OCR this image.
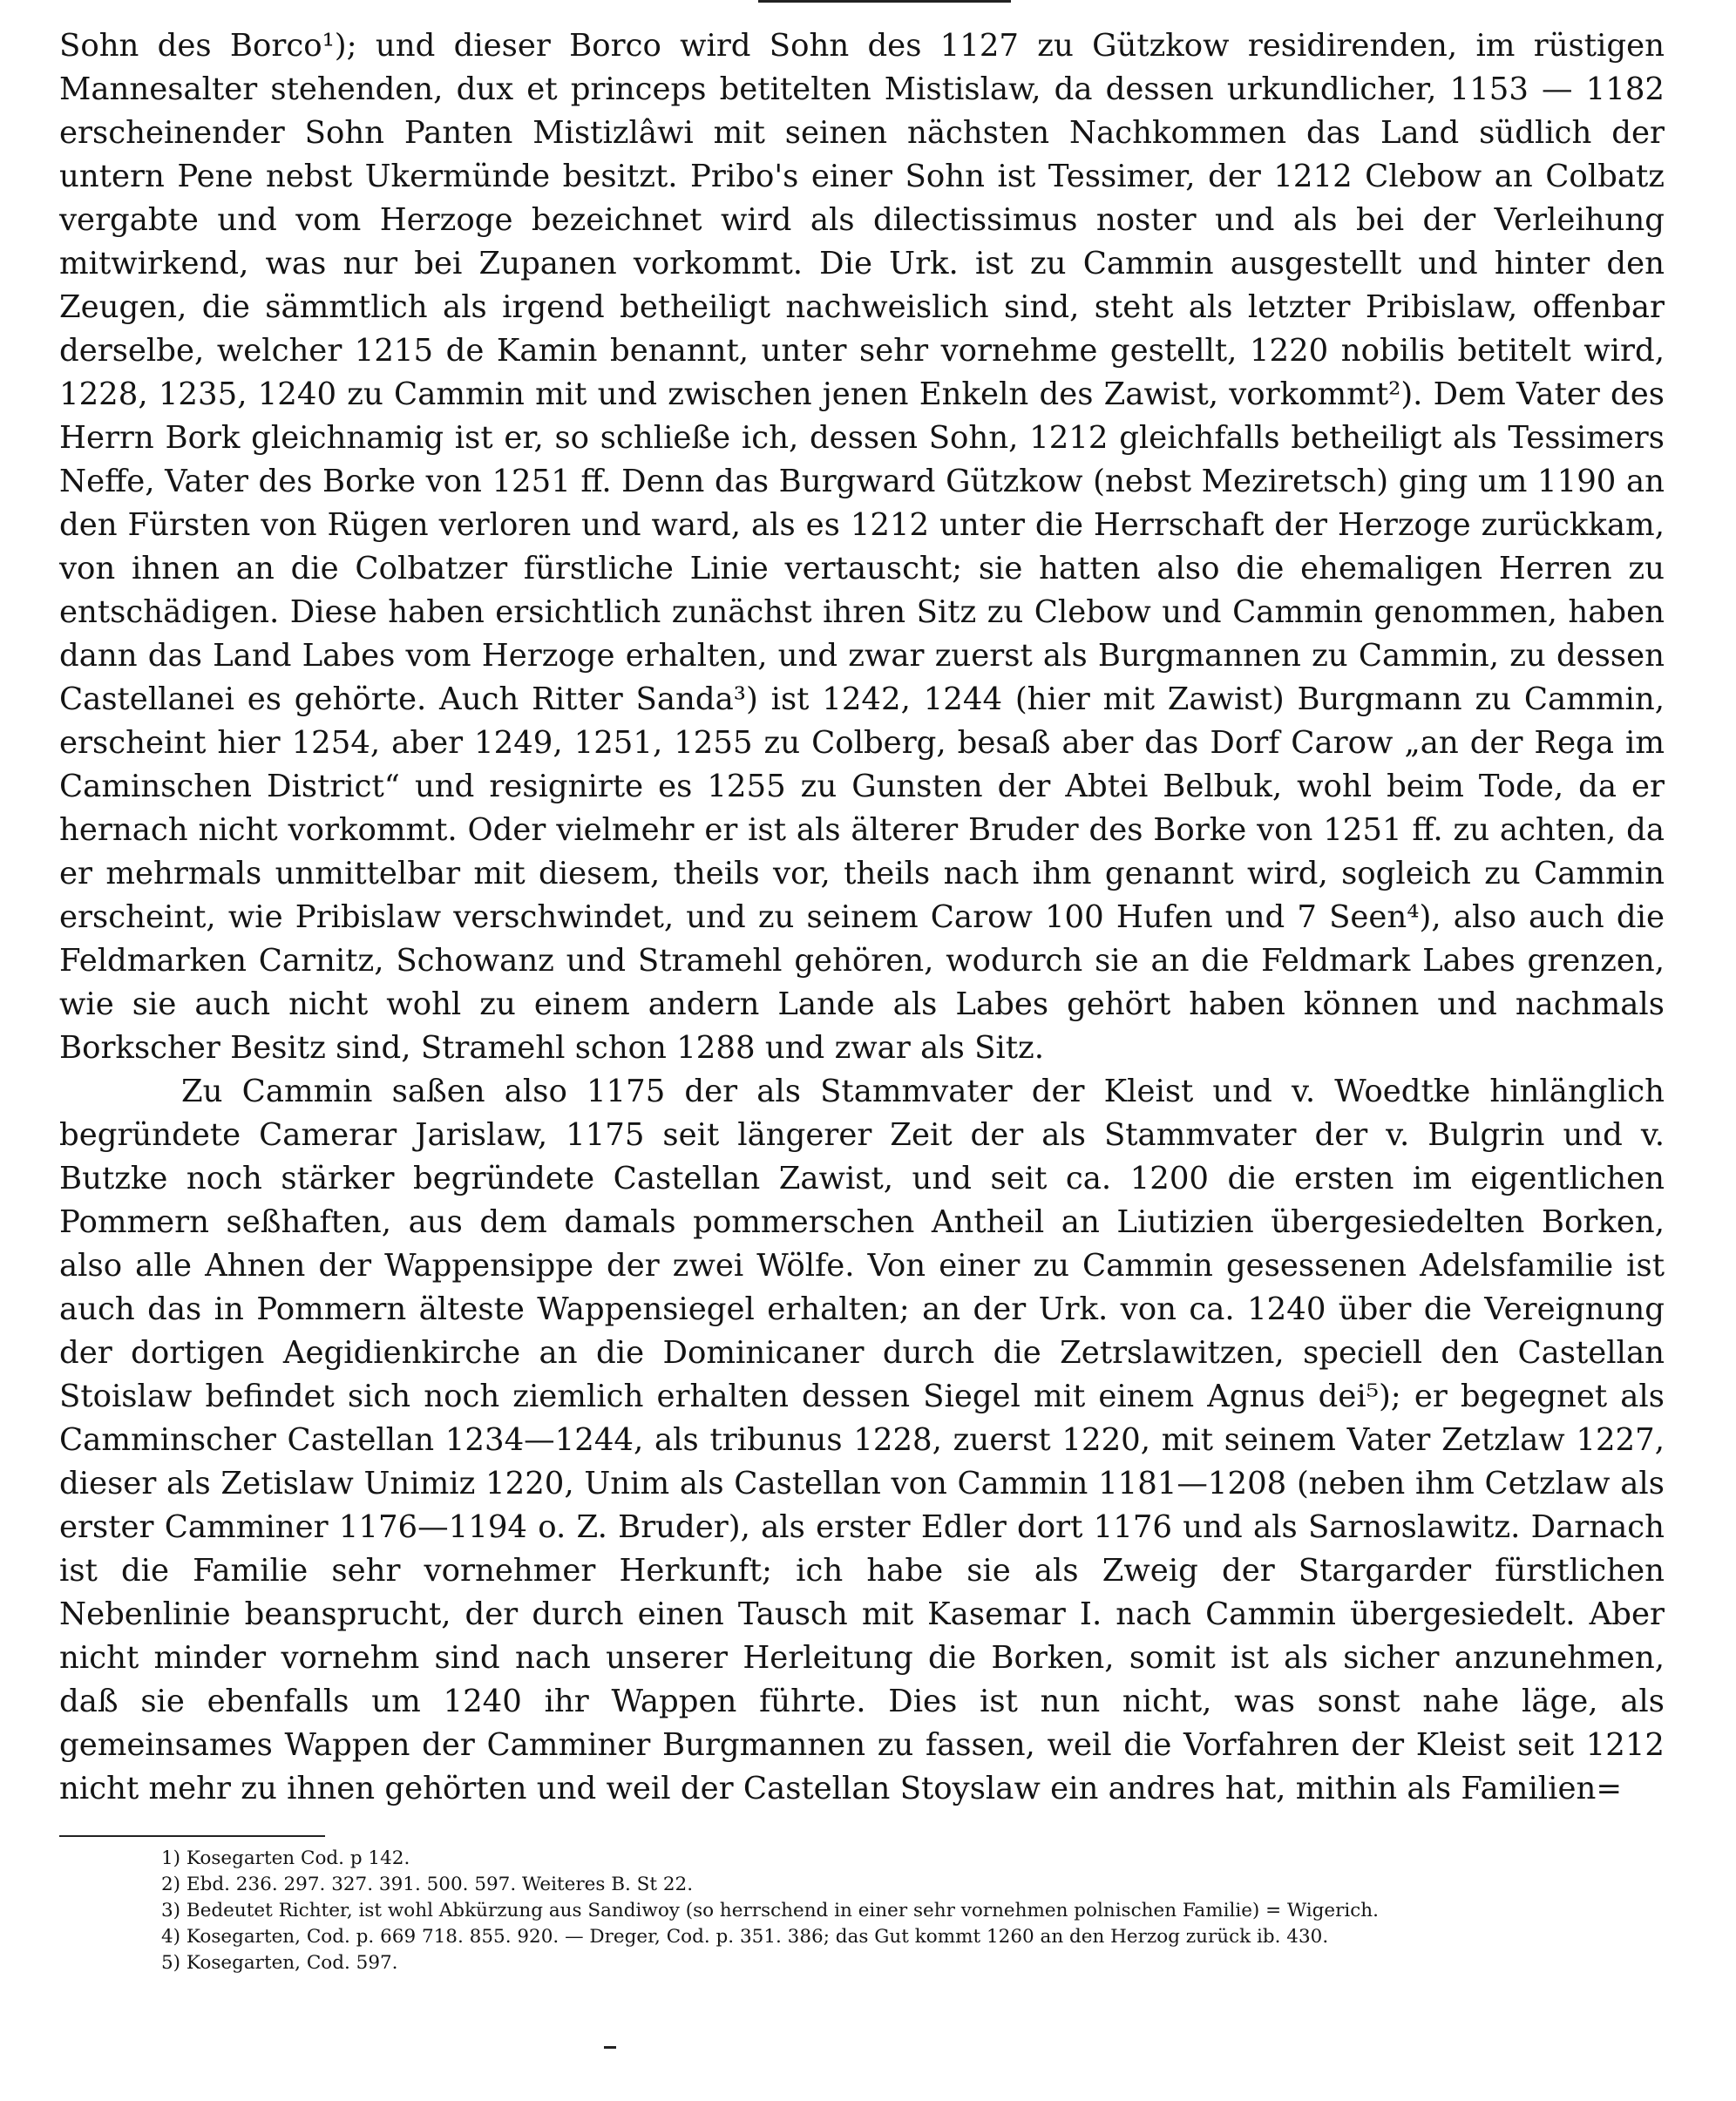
Sohn des Borco¹); und dieser Borco wird Sohn des 1127 zu Gützkow residirenden, im rüstigen Mannesalter stehenden, dux et princeps betitelten Mistislaw, da dessen urkundlicher, 1153 — 1182 erscheinender Sohn Panten Mistizlâwi mit seinen nächsten Nachkommen das Land südlich der untern Pene nebst Ukermünde besitzt. Pribo's einer Sohn ist Tessimer, der 1212 Clebow an Colbatz vergabte und vom Herzoge bezeichnet wird als dilectissimus noster und als bei der Verleihung mitwirkend, was nur bei Zupanen vorkommt. Die Urk. ist zu Cammin ausgestellt und hinter den Zeugen, die sämmtlich als irgend betheiligt nachweislich sind, steht als letzter Pribislaw, offenbar derselbe, welcher 1215 de Kamin benannt, unter sehr vornehme gestellt, 1220 nobilis betitelt wird, 1228, 1235, 1240 zu Cammin mit und zwischen jenen Enkeln des Zawist, vorkommt²). Dem Vater des Herrn Bork gleichnamig ist er, so schließe ich, dessen Sohn, 1212 gleichfalls betheiligt als Tessimers Neffe, Vater des Borke von 1251 ff. Denn das Burgward Gützkow (nebst Meziretsch) ging um 1190 an den Fürsten von Rügen verloren und ward, als es 1212 unter die Herrschaft der Herzoge zurückkam, von ihnen an die Colbatzer fürstliche Linie vertauscht; sie hatten also die ehemaligen Herren zu entschädigen. Diese haben ersichtlich zunächst ihren Sitz zu Clebow und Cammin genommen, haben dann das Land Labes vom Herzoge erhalten, und zwar zuerst als Burgmannen zu Cammin, zu dessen Castellanei es gehörte. Auch Ritter Sanda³) ist 1242, 1244 (hier mit Zawist) Burgmann zu Cammin, erscheint hier 1254, aber 1249, 1251, 1255 zu Colberg, besaß aber das Dorf Carow „an der Rega im Caminschen District“ und resignirte es 1255 zu Gunsten der Abtei Belbuk, wohl beim Tode, da er hernach nicht vorkommt. Oder vielmehr er ist als älterer Bruder des Borke von 1251 ff. zu achten, da er mehrmals unmittelbar mit diesem, theils vor, theils nach ihm genannt wird, sogleich zu Cammin erscheint, wie Pribislaw verschwindet, und zu seinem Carow 100 Hufen und 7 Seen⁴), also auch die Feldmarken Carnitz, Schowanz und Stramehl gehören, wodurch sie an die Feldmark Labes grenzen, wie sie auch nicht wohl zu einem andern Lande als Labes gehört haben können und nachmals Borkscher Besitz sind, Stramehl schon 1288 und zwar als Sitz.

Zu Cammin saßen also 1175 der als Stammvater der Kleist und v. Woedtke hinlänglich begründete Camerar Jarislaw, 1175 seit längerer Zeit der als Stammvater der v. Bulgrin und v. Butzke noch stärker begründete Castellan Zawist, und seit ca. 1200 die ersten im eigentlichen Pommern seßhaften, aus dem damals pommerschen Antheil an Liutizien übergesiedelten Borken, also alle Ahnen der Wappensippe der zwei Wölfe. Von einer zu Cammin gesessenen Adelsfamilie ist auch das in Pommern älteste Wappensiegel erhalten; an der Urk. von ca. 1240 über die Vereignung der dortigen Aegidienkirche an die Dominicaner durch die Zetrslawitzen, speciell den Castellan Stoislaw befindet sich noch ziemlich erhalten dessen Siegel mit einem Agnus dei⁵); er begegnet als Camminscher Castellan 1234—1244, als tribunus 1228, zuerst 1220, mit seinem Vater Zetzlaw 1227, dieser als Zetislaw Unimiz 1220, Unim als Castellan von Cammin 1181—1208 (neben ihm Cetzlaw als erster Camminer 1176—1194 o. Z. Bruder), als erster Edler dort 1176 und als Sarnoslawitz. Darnach ist die Familie sehr vornehmer Herkunft; ich habe sie als Zweig der Stargarder fürstlichen Nebenlinie beansprucht, der durch einen Tausch mit Kasemar I. nach Cammin übergesiedelt. Aber nicht minder vornehm sind nach unserer Herleitung die Borken, somit ist als sicher anzunehmen, daß sie ebenfalls um 1240 ihr Wappen führte. Dies ist nun nicht, was sonst nahe läge, als gemeinsames Wappen der Camminer Burgmannen zu fassen, weil die Vorfahren der Kleist seit 1212 nicht mehr zu ihnen gehörten und weil der Castellan Stoyslaw ein andres hat, mithin als Familien=

1) Kosegarten Cod. p 142.
2) Ebd. 236. 297. 327. 391. 500. 597. Weiteres B. St 22.
3) Bedeutet Richter, ist wohl Abkürzung aus Sandiwoy (so herrschend in einer sehr vornehmen polnischen Familie) = Wigerich.
4) Kosegarten, Cod. p. 669 718. 855. 920. — Dreger, Cod. p. 351. 386; das Gut kommt 1260 an den Herzog zurück ib. 430.
5) Kosegarten, Cod. 597.
